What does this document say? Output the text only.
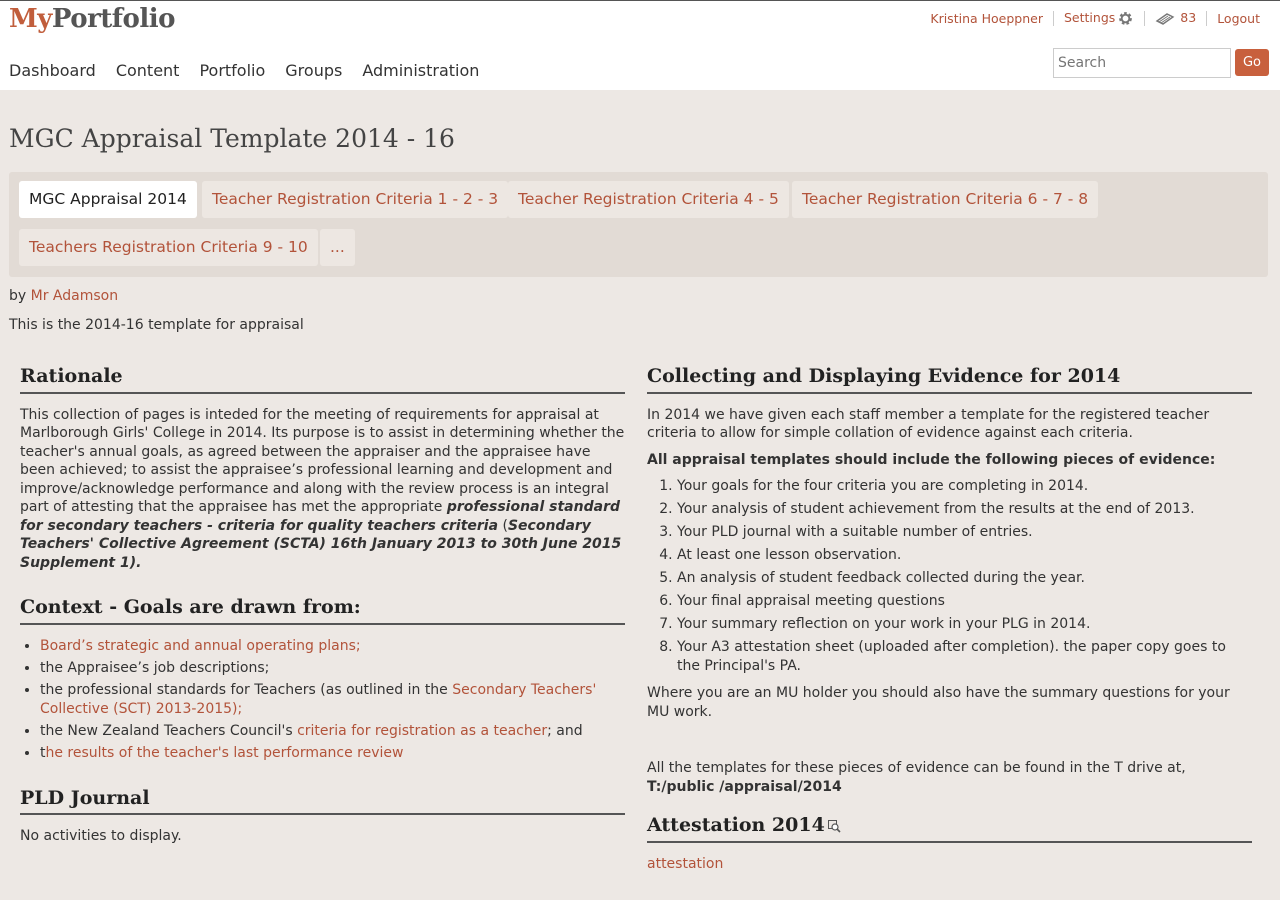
MyPortfolio	Kristina Hoeppner Settings	83 Logout
Search
Go
Dashboard Content Portfolio Groups Administration
MGC Appraisal Template 2014 - 16
MGC Appraisal 2014	Teacher Registration Criteria 1 - 2 - 3	Teacher Registration Criteria 4 - 5	Teacher Registration Criteria 6 - 7 - 8
Teachers Registration Criteria 9 - 10	...
by Mr Adamson
This is the 2014-16 template for appraisal
Rationale

This collection of pages is inteded for the meeting of requirements for appraisal at Marlborough Girls' College in 2014. Its purpose is to assist in determining whether the teacher's annual goals, as agreed between the appraiser and the appraisee have been achieved; to assist the appraisee’s professional learning and development and improve/acknowledge performance and along with the review process is an integral part of attesting that the appraisee has met the appropriate professional standard for secondary teachers - criteria for quality teachers criteria (Secondary Teachers' Collective Agreement (SCTA) 16th January 2013 to 30th June 2015 Supplement 1).

Context - Goals are drawn from:
• Board’s strategic and annual operating plans;
• the Appraisee’s job descriptions;
• the professional standards for Teachers (as outlined in the Secondary Teachers' Collective (SCT) 2013-2015);
• the New Zealand Teachers Council's criteria for registration as a teacher; and
• the results of the teacher's last performance review
PLD Journal

No activities to display.

Collecting and Displaying Evidence for 2014

In 2014 we have given each staff member a template for the registered teacher criteria to allow for simple collation of evidence against each criteria.

All appraisal templates should include the following pieces of evidence:

1. Your goals for the four criteria you are completing in 2014.
2. Your analysis of student achievement from the results at the end of 2013.
3. Your PLD journal with a suitable number of entries.
4. At least one lesson observation.
5. An analysis of student feedback collected during the year.
6. Your final appraisal meeting questions
7. Your summary reflection on your work in your PLG in 2014.
8. Your A3 attestation sheet (uploaded after completion). the paper copy goes to the Principal's PA.

Where you are an MU holder you should also have the summary questions for your MU work.

All the templates for these pieces of evidence can be found in the T drive at, T:/public /appraisal/2014

Attestation 2014
attestation
